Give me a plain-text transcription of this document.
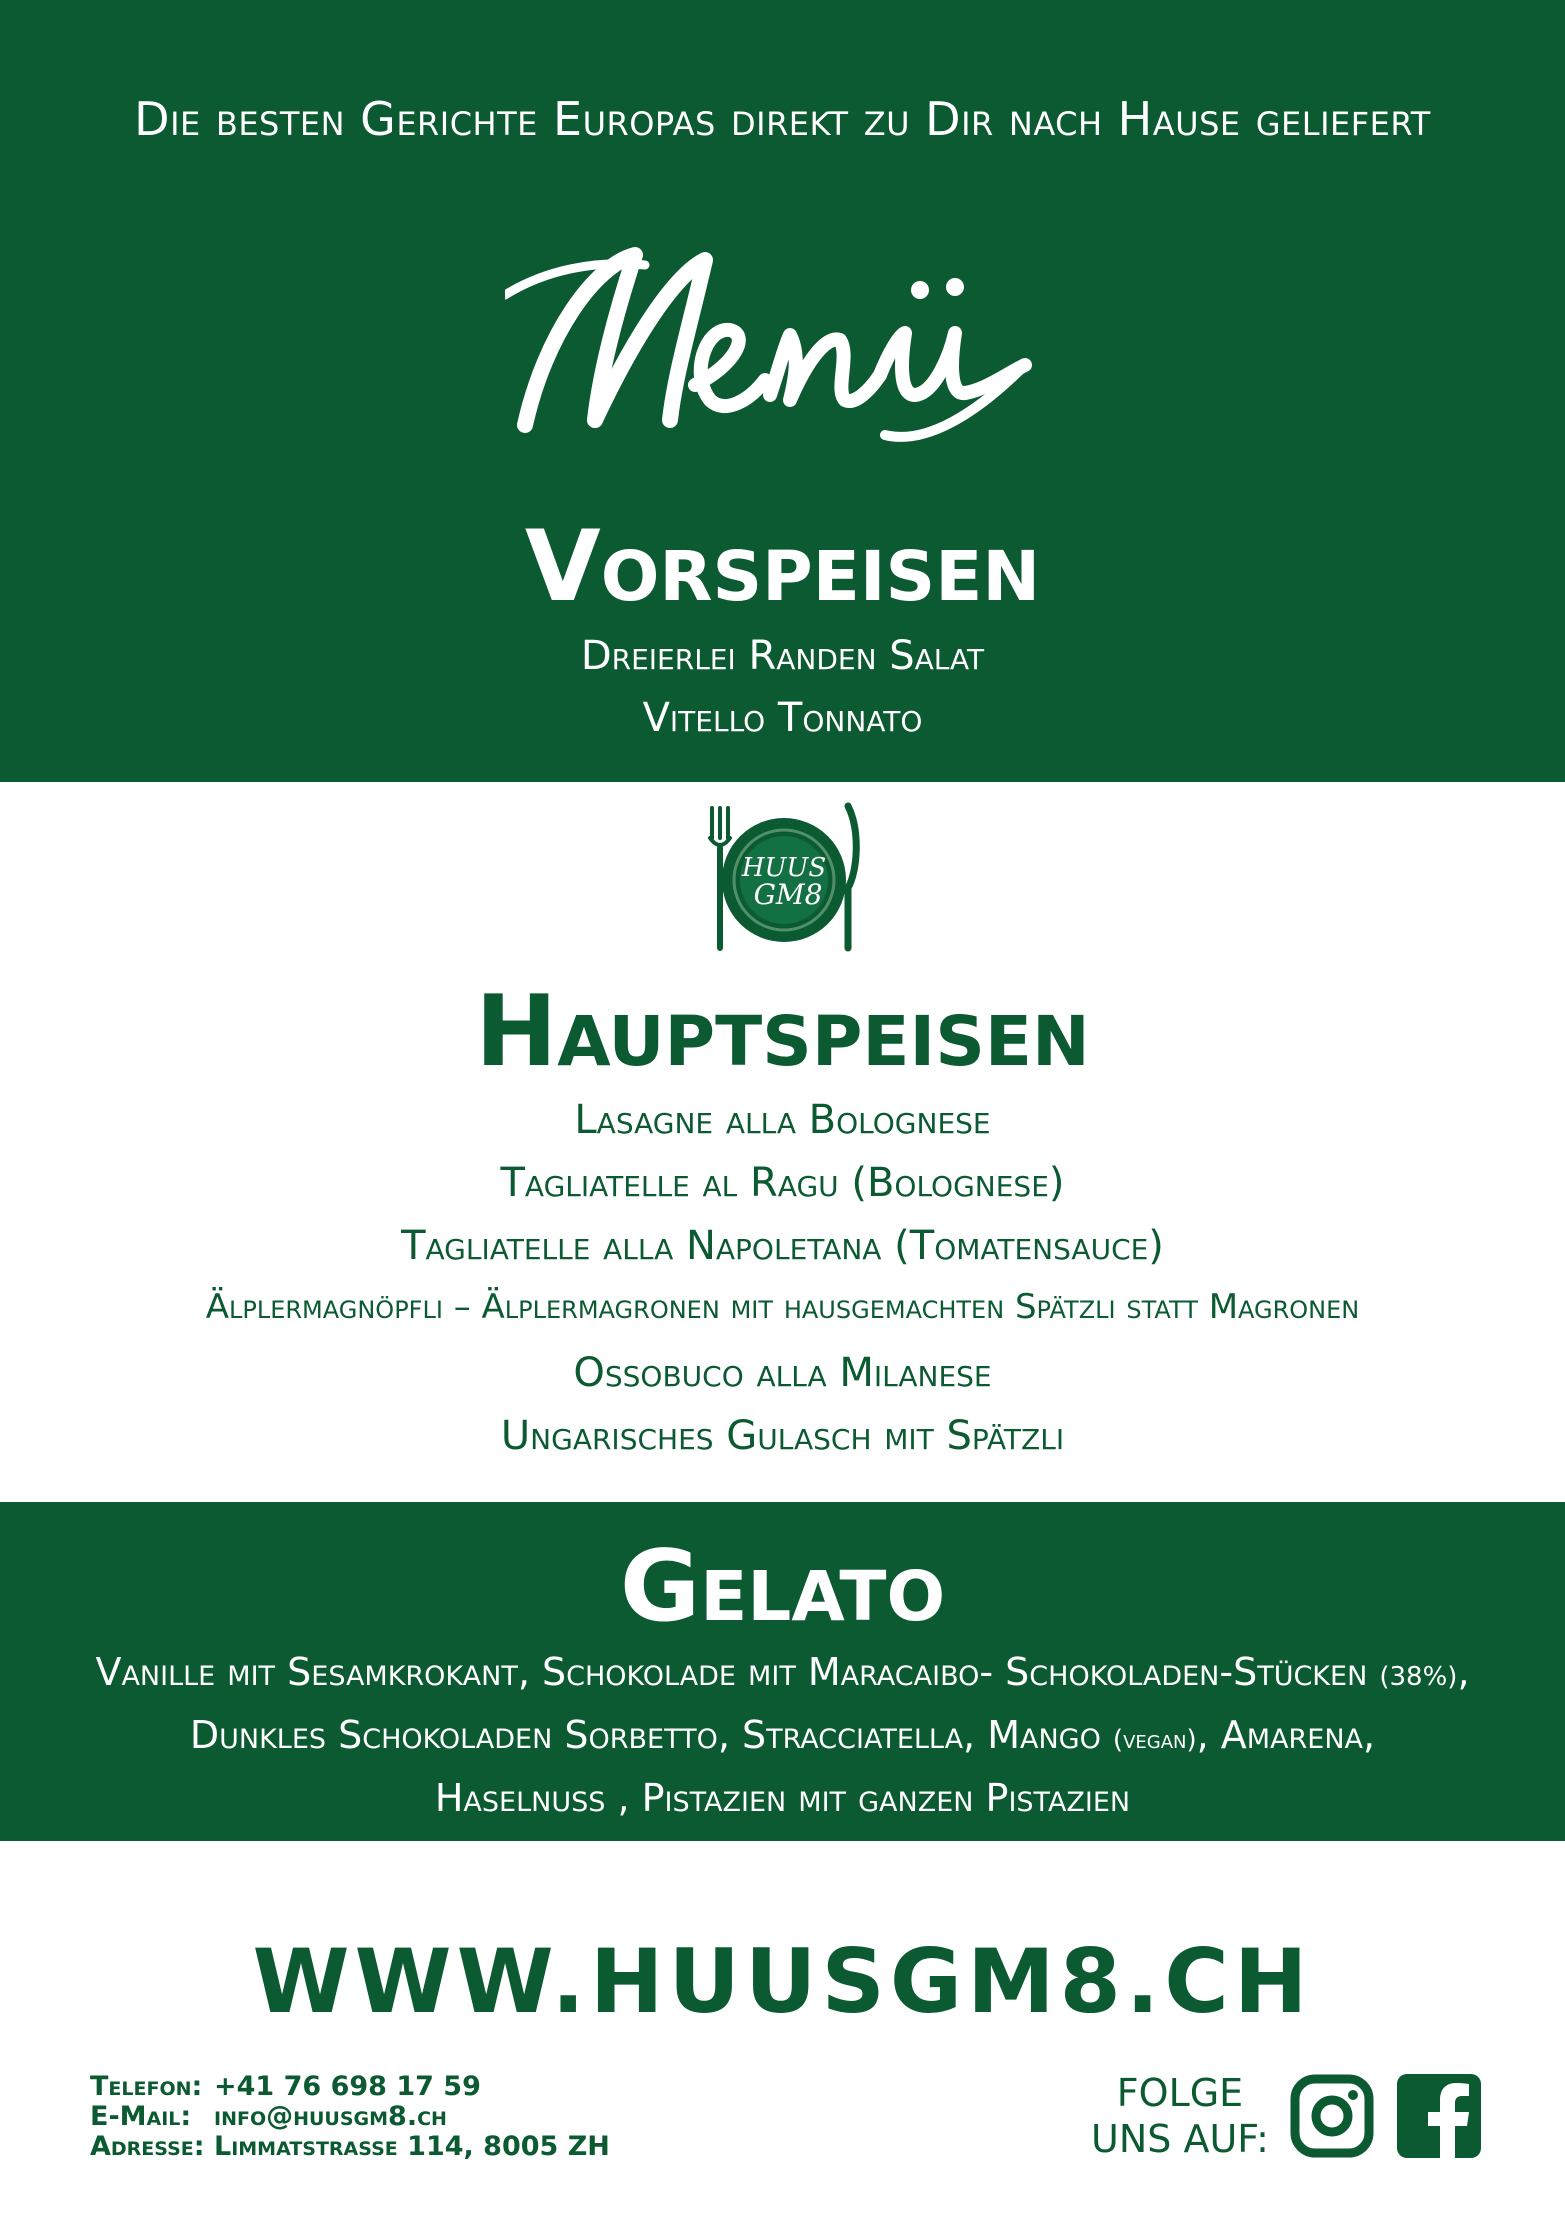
Die besten Gerichte Europas direkt zu Dir nach Hause geliefert
Vorspeisen
Dreierlei Randen Salat
Vitello Tonnato
HUUS
GM8
Hauptspeisen
Lasagne alla Bolognese
Tagliatelle al Ragu (Bolognese)
Tagliatelle alla Napoletana (Tomatensauce)
Älplermagnöpfli – Älplermagronen mit hausgemachten Spätzli statt Magronen
Ossobuco alla Milanese
Ungarisches Gulasch mit Spätzli
Gelato
Vanille mit Sesamkrokant, Schokolade mit Maracaibo- Schokoladen-Stücken (38%),
Dunkles Schokoladen Sorbetto, Stracciatella, Mango (vegan), Amarena,
Haselnuss , Pistazien mit ganzen Pistazien
WWW.HUUSGM8.CH
Telefon: +41 76 698 17 59
E-Mail: info@huusgm8.ch
Adresse: Limmatstrasse 114, 8005 ZH
FOLGE
UNS AUF:
